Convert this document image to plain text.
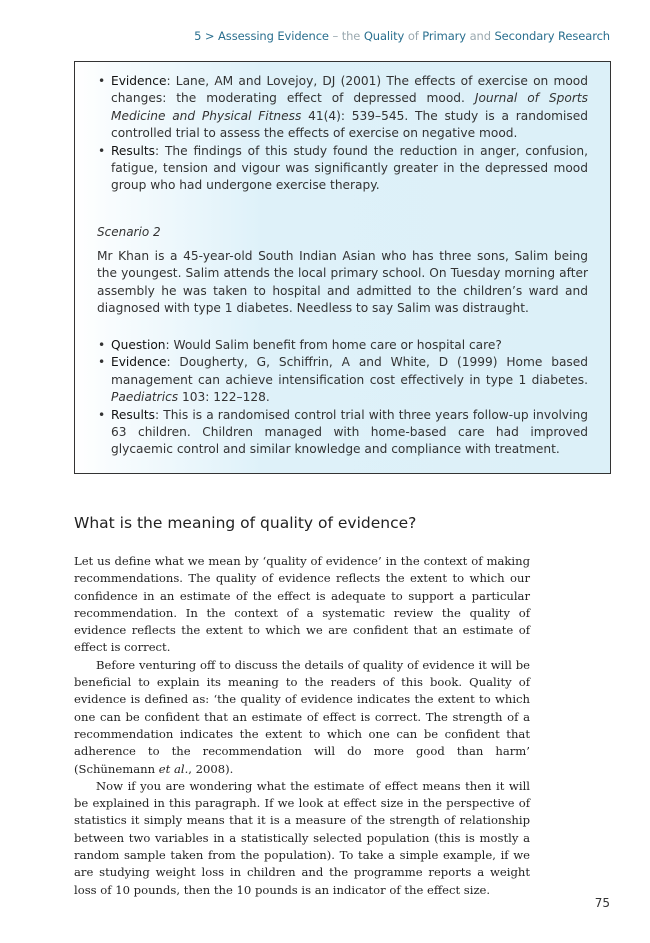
5 > Assessing Evidence – the Quality of Primary and Secondary Research
• Evidence: Lane, AM and Lovejoy, DJ (2001) The effects of exercise on mood changes: the moderating effect of depressed mood. Journal of Sports Medicine and Physical Fitness 41(4): 539–545. The study is a randomised controlled trial to assess the effects of exercise on negative mood.
• Results: The findings of this study found the reduction in anger, confusion, fatigue, tension and vigour was significantly greater in the depressed mood group who had undergone exercise therapy.
Scenario 2

Mr Khan is a 45-year-old South Indian Asian who has three sons, Salim being the youngest. Salim attends the local primary school. On Tuesday morning after assembly he was taken to hospital and admitted to the children’s ward and diagnosed with type 1 diabetes. Needless to say Salim was distraught.

• Question: Would Salim benefit from home care or hospital care?
• Evidence: Dougherty, G, Schiffrin, A and White, D (1999) Home based management can achieve intensification cost effectively in type 1 diabetes. Paediatrics 103: 122–128.
• Results: This is a randomised control trial with three years follow-up involving 63 children. Children managed with home-based care had improved glycaemic control and similar knowledge and compliance with treatment.
What is the meaning of quality of evidence?

Let us define what we mean by ‘quality of evidence’ in the context of making recommendations. The quality of evidence reflects the extent to which our confidence in an estimate of the effect is adequate to support a particular recommendation. In the context of a systematic review the quality of evidence reflects the extent to which we are confident that an estimate of effect is correct.

Before venturing off to discuss the details of quality of evidence it will be beneficial to explain its meaning to the readers of this book. Quality of evidence is defined as: ‘the quality of evidence indicates the extent to which one can be confident that an estimate of effect is correct. The strength of a recommendation indicates the extent to which one can be confident that adherence to the recommendation will do more good than harm’ (Schünemann et al., 2008).

Now if you are wondering what the estimate of effect means then it will be explained in this paragraph. If we look at effect size in the perspective of statistics it simply means that it is a measure of the strength of relationship between two variables in a statistically selected population (this is mostly a random sample taken from the population). To take a simple example, if we are studying weight loss in children and the programme reports a weight loss of 10 pounds, then the 10 pounds is an indicator of the effect size.

75
